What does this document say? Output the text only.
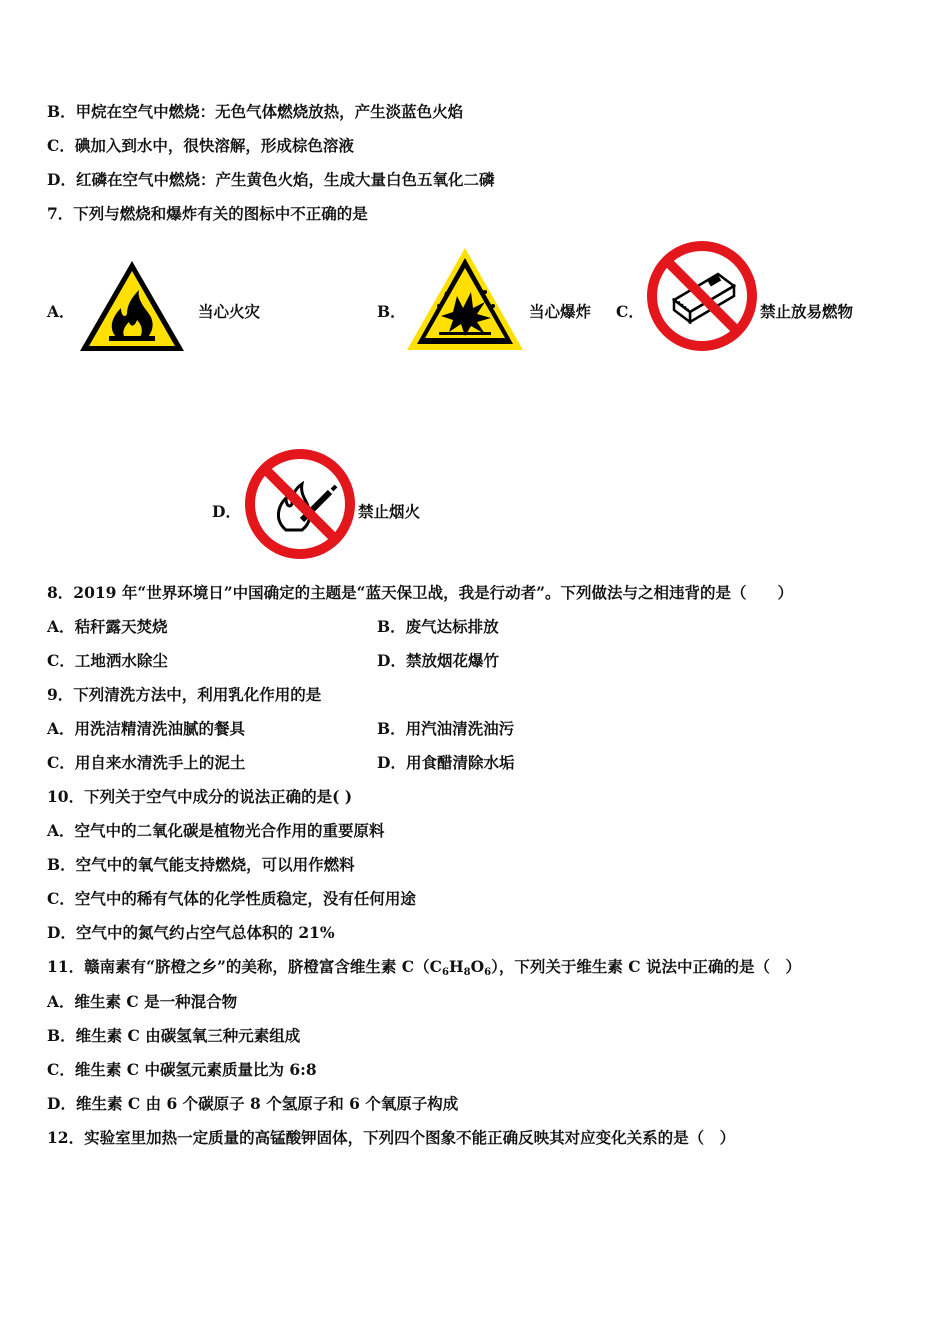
B．甲烷在空气中燃烧：无色气体燃烧放热，产生淡蓝色火焰
C．碘加入到水中，很快溶解，形成棕色溶液
D．红磷在空气中燃烧：产生黄色火焰，生成大量白色五氧化二磷
7．下列与燃烧和爆炸有关的图标中不正确的是
A．	当心火灾	B．	当心爆炸 C．	禁止放易燃物
D．	禁止烟火
8．2019 年“世界环境日”中国确定的主题是“蓝天保卫战，我是行动者”。下列做法与之相违背的是（　　）
A．秸秆露天焚烧	B．废气达标排放
C．工地洒水除尘	D．禁放烟花爆竹
9．下列清洗方法中，利用乳化作用的是
A．用洗洁精清洗油腻的餐具	B．用汽油清洗油污
C．用自来水清洗手上的泥土	D．用食醋清除水垢
10．下列关于空气中成分的说法正确的是( )
A．空气中的二氧化碳是植物光合作用的重要原料
B．空气中的氧气能支持燃烧，可以用作燃料
C．空气中的稀有气体的化学性质稳定，没有任何用途
D．空气中的氮气约占空气总体积的 21%
11．赣南素有“脐橙之乡”的美称，脐橙富含维生素 $C(C_6H_8O_6)$，下列关于维生素 C 说法中正确的是（　）
A．维生素 C 是一种混合物
B．维生素 C 由碳氢氧三种元素组成
C．维生素 C 中碳氢元素质量比为 6:8
D．维生素 C 由 6 个碳原子 8 个氢原子和 6 个氧原子构成
12．实验室里加热一定质量的高锰酸钾固体，下列四个图象不能正确反映其对应变化关系的是（　）
